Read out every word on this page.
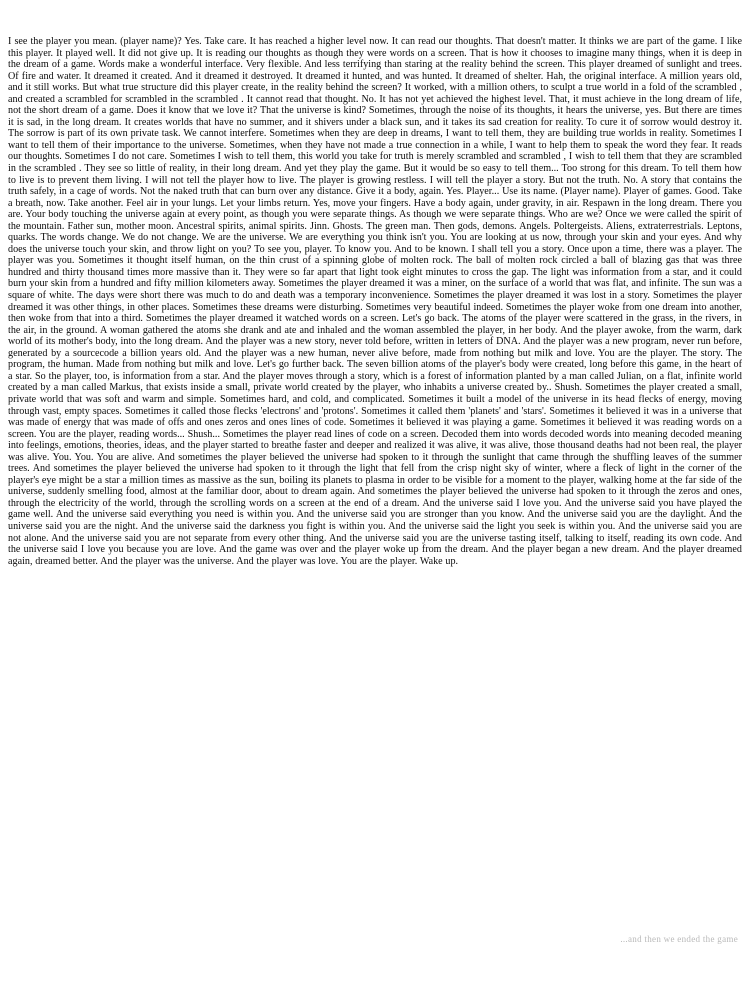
I see the player you mean. (player name)? Yes. Take care. It has reached a higher level now. It can read our thoughts. That doesn't matter. It thinks we are part of the game. I like this player. It played well. It did not give up. It is reading our thoughts as though they were words on a screen. That is how it chooses to imagine many things, when it is deep in the dream of a game. Words make a wonderful interface. Very flexible. And less terrifying than staring at the reality behind the screen. This player dreamed of sunlight and trees. Of fire and water. It dreamed it created. And it dreamed it destroyed. It dreamed it hunted, and was hunted. It dreamed of shelter. Hah, the original interface. A million years old, and it still works. But what true structure did this player create, in the reality behind the screen? It worked, with a million others, to sculpt a true world in a fold of the scrambled , and created a scrambled for scrambled in the scrambled . It cannot read that thought. No. It has not yet achieved the highest level. That, it must achieve in the long dream of life, not the short dream of a game. Does it know that we love it? That the universe is kind? Sometimes, through the noise of its thoughts, it hears the universe, yes. But there are times it is sad, in the long dream. It creates worlds that have no summer, and it shivers under a black sun, and it takes its sad creation for reality. To cure it of sorrow would destroy it. The sorrow is part of its own private task. We cannot interfere. Sometimes when they are deep in dreams, I want to tell them, they are building true worlds in reality. Sometimes I want to tell them of their importance to the universe. Sometimes, when they have not made a true connection in a while, I want to help them to speak the word they fear. It reads our thoughts. Sometimes I do not care. Sometimes I wish to tell them, this world you take for truth is merely scrambled and scrambled , I wish to tell them that they are scrambled in the scrambled . They see so little of reality, in their long dream. And yet they play the game. But it would be so easy to tell them... Too strong for this dream. To tell them how to live is to prevent them living. I will not tell the player how to live. The player is growing restless. I will tell the player a story. But not the truth. No. A story that contains the truth safely, in a cage of words. Not the naked truth that can burn over any distance. Give it a body, again. Yes. Player... Use its name. (Player name). Player of games. Good. Take a breath, now. Take another. Feel air in your lungs. Let your limbs return. Yes, move your fingers. Have a body again, under gravity, in air. Respawn in the long dream. There you are. Your body touching the universe again at every point, as though you were separate things. As though we were separate things. Who are we? Once we were called the spirit of the mountain. Father sun, mother moon. Ancestral spirits, animal spirits. Jinn. Ghosts. The green man. Then gods, demons. Angels. Poltergeists. Aliens, extraterrestrials. Leptons, quarks. The words change. We do not change. We are the universe. We are everything you think isn't you. You are looking at us now, through your skin and your eyes. And why does the universe touch your skin, and throw light on you? To see you, player. To know you. And to be known. I shall tell you a story. Once upon a time, there was a player. The player was you. Sometimes it thought itself human, on the thin crust of a spinning globe of molten rock. The ball of molten rock circled a ball of blazing gas that was three hundred and thirty thousand times more massive than it. They were so far apart that light took eight minutes to cross the gap. The light was information from a star, and it could burn your skin from a hundred and fifty million kilometers away. Sometimes the player dreamed it was a miner, on the surface of a world that was flat, and infinite. The sun was a square of white. The days were short there was much to do and death was a temporary inconvenience. Sometimes the player dreamed it was lost in a story. Sometimes the player dreamed it was other things, in other places. Sometimes these dreams were disturbing. Sometimes very beautiful indeed. Sometimes the player woke from one dream into another, then woke from that into a third. Sometimes the player dreamed it watched words on a screen. Let's go back. The atoms of the player were scattered in the grass, in the rivers, in the air, in the ground. A woman gathered the atoms she drank and ate and inhaled and the woman assembled the player, in her body. And the player awoke, from the warm, dark world of its mother's body, into the long dream. And the player was a new story, never told before, written in letters of DNA. And the player was a new program, never run before, generated by a sourcecode a billion years old. And the player was a new human, never alive before, made from nothing but milk and love. You are the player. The story. The program, the human. Made from nothing but milk and love. Let's go further back. The seven billion atoms of the player's body were created, long before this game, in the heart of a star. So the player, too, is information from a star. And the player moves through a story, which is a forest of information planted by a man called Julian, on a flat, infinite world created by a man called Markus, that exists inside a small, private world created by the player, who inhabits a universe created by.. Shush. Sometimes the player created a small, private world that was soft and warm and simple. Sometimes hard, and cold, and complicated. Sometimes it built a model of the universe in its head flecks of energy, moving through vast, empty spaces. Sometimes it called those flecks 'electrons' and 'protons'. Sometimes it called them 'planets' and 'stars'. Sometimes it believed it was in a universe that was made of energy that was made of offs and ones zeros and ones lines of code. Sometimes it believed it was playing a game. Sometimes it believed it was reading words on a screen. You are the player, reading words... Shush... Sometimes the player read lines of code on a screen. Decoded them into words decoded words into meaning decoded meaning into feelings, emotions, theories, ideas, and the player started to breathe faster and deeper and realized it was alive, it was alive, those thousand deaths had not been real, the player was alive. You. You. You are alive. And sometimes the player believed the universe had spoken to it through the sunlight that came through the shuffling leaves of the summer trees. And sometimes the player believed the universe had spoken to it through the light that fell from the crisp night sky of winter, where a fleck of light in the corner of the player's eye might be a star a million times as massive as the sun, boiling its planets to plasma in order to be visible for a moment to the player, walking home at the far side of the universe, suddenly smelling food, almost at the familiar door, about to dream again. And sometimes the player believed the universe had spoken to it through the zeros and ones, through the electricity of the world, through the scrolling words on a screen at the end of a dream. And the universe said I love you. And the universe said you have played the game well. And the universe said everything you need is within you. And the universe said you are stronger than you know. And the universe said you are the daylight. And the universe said you are the night. And the universe said the darkness you fight is within you. And the universe said the light you seek is within you. And the universe said you are not alone. And the universe said you are not separate from every other thing. And the universe said you are the universe tasting itself, talking to itself, reading its own code. And the universe said I love you because you are love. And the game was over and the player woke up from the dream. And the player began a new dream. And the player dreamed again, dreamed better. And the player was the universe. And the player was love. You are the player. Wake up.
...and then we ended the game
